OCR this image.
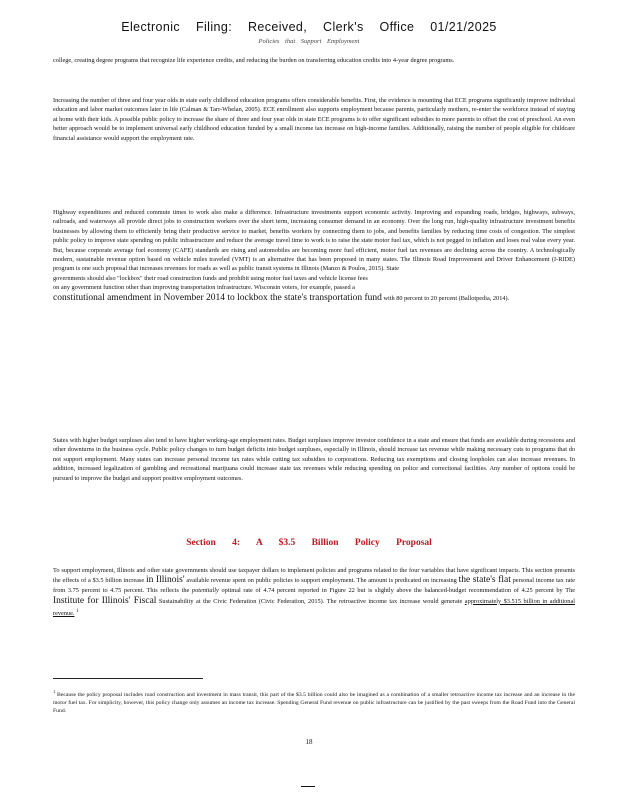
Electronic Filing: Received, Clerk's Office 01/21/2025
Policies that Support Employment

college, creating degree programs that recognize life experience credits, and reducing the burden on transferring education credits into 4-year degree programs.

Increasing the number of three and four year olds in state early childhood education programs offers considerable benefits. First, the evidence is mounting that ECE programs significantly improve individual education and labor market outcomes later in life (Calman & Tarr-Whelan, 2005). ECE enrollment also supports employment because parents, particularly mothers, re-enter the workforce instead of staying at home with their kids. A possible public policy to increase the share of three and four year olds in state ECE programs is to offer significant subsidies to more parents to offset the cost of preschool. An even better approach would be to implement universal early childhood education funded by a small income tax increase on high-income families. Additionally, raising the number of people eligible for childcare financial assistance would support the employment rate.

Highway expenditures and reduced commute times to work also make a difference. Infrastructure investments support economic activity. Improving and expanding roads, bridges, highways, subways, railroads, and waterways all provide direct jobs to construction workers over the short term, increasing consumer demand in an economy. Over the long run, high-quality infrastructure investment benefits businesses by allowing them to efficiently bring their productive service to market, benefits workers by connecting them to jobs, and benefits families by reducing time costs of congestion. The simplest public policy to improve state spending on public infrastructure and reduce the average travel time to work is to raise the state motor fuel tax, which is not pegged to inflation and loses real value every year. But, because corporate average fuel economy (CAFE) standards are rising and automobiles are becoming more fuel efficient, motor fuel tax revenues are declining across the country. A technologically modern, sustainable revenue option based on vehicle miles traveled (VMT) is an alternative that has been proposed in many states. The Illinois Road Improvement and Driver Enhancement (I-RIDE) program is one such proposal that increases revenues for roads as well as public transit systems in Illinois (Manzo & Poulos, 2015). State

governments should also "lockbox" their road construction funds and prohibit using motor fuel taxes and vehicle license fees

on any government function other than improving transportation infrastructure. Wisconsin voters, for example, passed a

constitutional amendment in November 2014 to lockbox the state's transportation fund with 80 percent to 20 percent (Ballotpedia, 2014).

States with higher budget surpluses also tend to have higher working-age employment rates. Budget surpluses improve investor confidence in a state and ensure that funds are available during recessions and other downturns in the business cycle. Public policy changes to turn budget deficits into budget surpluses, especially in Illinois, should increase tax revenue while making necessary cuts to programs that do not support employment. Many states can increase personal income tax rates while cutting tax subsidies to corporations. Reducing tax exemptions and closing loopholes can also increase revenues. In addition, increased legalization of gambling and recreational marijuana could increase state tax revenues while reducing spending on police and correctional facilities. Any number of options could be pursued to improve the budget and support positive employment outcomes.

Section 4: A $3.5 Billion Policy Proposal

To support employment, Illinois and other state governments should use taxpayer dollars to implement policies and programs related to the four variables that have significant impacts. This section presents the effects of a $3.5 billion increase in Illinois' available revenue spent on public policies to support employment. The amount is predicated on increasing the state's flat personal income tax rate from 3.75 percent to 4.75 percent. This reflects the potentially optimal rate of 4.74 percent reported in Figure 22 but is slightly above the balanced-budget recommendation of 4.25 percent by The Institute for Illinois' Fiscal Sustainability at the Civic Federation (Civic Federation, 2015). The retroactive income tax increase would generate approximately $3.515 billion in additional revenue. $^1$

$^1$ Because the policy proposal includes road construction and investment in mass transit, this part of the $3.5 billion could also be imagined as a combination of a smaller retroactive income tax increase and an increase in the motor fuel tax. For simplicity, however, this policy change only assumes an income tax increase. Spending General Fund revenue on public infrastructure can be justified by the past sweeps from the Road Fund into the General Fund.

18
